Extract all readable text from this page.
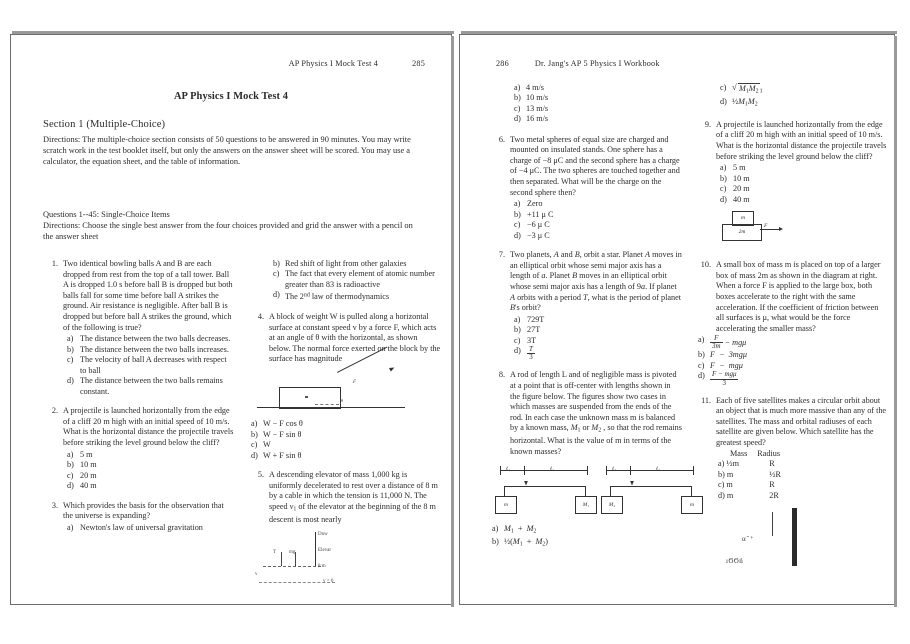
AP Physics I Mock Test 4	285
AP Physics I Mock Test 4
Section 1 (Multiple-Choice)
Directions: The multiple-choice section consists of 50 questions to be answered in 90 minutes. You may write scratch work in the test booklet itself, but only the answers on the answer sheet will be scored. You may use a calculator, the equation sheet, and the table of information.
Questions 1--45: Single-Choice Items
Directions: Choose the single best answer from the four choices provided and grid the answer with a pencil on the answer sheet
1. Two identical bowling balls A and B are each dropped from rest from the top of a tall tower. Ball A is dropped 1.0 s before ball B is dropped but both balls fall for some time before ball A strikes the ground. Air resistance is negligible. After ball B is dropped but before ball A strikes the ground, which of the following is true?
a) The distance between the two balls decreases.
b) The distance between the two balls increases.
c) The velocity of ball A decreases with respect to ball
d) The distance between the two balls remains constant.
2. A projectile is launched horizontally from the edge of a cliff 20 m high with an initial speed of 10 m/s. What is the horizontal distance the projectile travels before striking the level ground below the cliff?
a) 5 m
b) 10 m
c) 20 m
d) 40 m
3. Which provides the basis for the observation that the universe is expanding?
a) Newton's law of universal gravitation
b) Red shift of light from other galaxies
c) The fact that every element of atomic number greater than 83 is radioactive
d) The 2nd law of thermodynamics
4. A block of weight W is pulled along a horizontal surface at constant speed v by a force F, which acts at an angle of θ with the horizontal, as shown below. The normal force exerted on the block by the surface has magnitude
F
θ
a) W − F cos θ
b) W − F sin θ
c) W
d) W + F sin θ
5. A descending elevator of mass 1,000 kg is uniformly decelerated to rest over a distance of 8 m by a cable in which the tension is 11,000 N. The speed $v_1$ of the elevator at the beginning of the 8 m descent is most nearly
Dnw
Elevar
8 m
v = 0
T	mg
v
286	Dr. Jang's AP 5 Physics I Workbook
a) 4 m/s
b) 10 m/s
c) 13 m/s
d) 16 m/s
6. Two metal spheres of equal size are charged and mounted on insulated stands. One sphere has a charge of −8 μC and the second sphere has a charge of −4 μC. The two spheres are touched together and then separated. What will be the charge on the second sphere then?
a) Zero
b) +11 μ C
c) −6 μ C
d) −3 μ C
7. Two planets, A and B, orbit a star. Planet A moves in an elliptical orbit whose semi major axis has a length of a. Planet B moves in an elliptical orbit whose semi major axis has a length of 9a. If planet A orbits with a period T, what is the period of planet B's orbit?
a) 729T
b) 27T
c) 3T
$d) \frac{T}{3}$
8. A rod of length L and of negligible mass is pivoted at a point that is off-center with lengths shown in the figure below. The figures show two cases in which masses are suspended from the ends of the rod. In each case the unknown mass m is balanced by a known mass, $M_1$ or $M_2$ , so that the rod remains horizontal. What is the value of m in terms of the known masses?
ℓ₁	ℓ₂
m	M₁
ℓ₁	ℓ₂
M₂	m
a) $M_1 + M_2$
b) $\frac{1}{2}(M_1 + M_2)$
c) √ $M_1M_{21}$
d) $\frac{1}{2}M_1M_2$
9. A projectile is launched horizontally from the edge of a cliff 20 m high with an initial speed of 10 m/s. What is the horizontal distance the projectile travels before striking the level ground below the cliff?
a) 5 m
b) 10 m
c) 20 m
d) 40 m
m
2m
F
10. A small box of mass m is placed on top of a larger box of mass 2m as shown in the diagram at right. When a force F is applied to the large box, both boxes accelerate to the right with the same acceleration. If the coefficient of friction between all surfaces is μ, what would be the force accelerating the smaller mass?
$a) \frac{F}{3m} - mg\mu$
b) F  −  3mgμ
c) F  −  mgμ
$d) \frac{\text{F − mgμ}}{3}$
11. Each of five satellites makes a circular orbit about an object that is much more massive than any of the satellites. The mass and orbital radiuses of each satellite are given below. Which satellite has the greatest speed?
Mass	Radius
a) ½m	R
b) m	½R
c) m	R
d) m	2R
αˆ⁺
ıϬϬń
